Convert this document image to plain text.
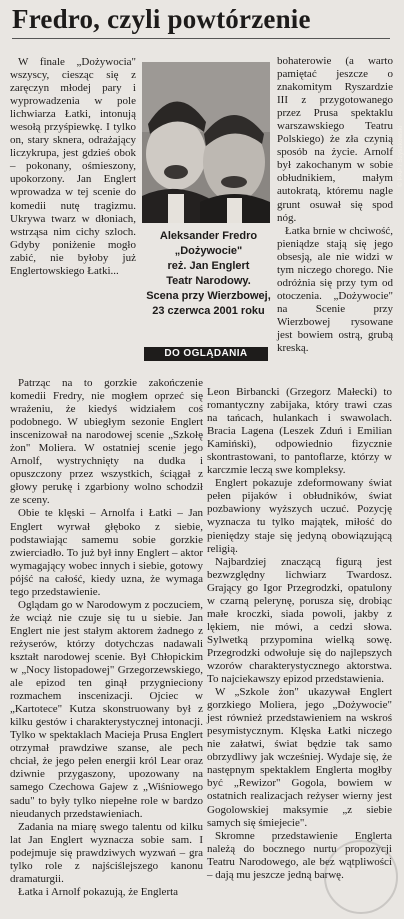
Fredro, czyli powtórzenie

W finale „Dożywocia" wszyscy, ciesząc się z zaręczyn młodej pary i wyprowadzenia w pole lichwiarza Łatki, intonują wesołą przyśpiewkę. I tylko on, stary sknera, odrażający liczykrupa, jest gdzieś obok – pokonany, ośmieszony, upokorzony. Jan Englert wprowadza w tej scenie do komedii nutę tragizmu. Ukrywa twarz w dłoniach, wstrząsa nim cichy szloch. Gdyby poniżenie mogło zabić, nie byłoby już Englertowskiego Łatki...

© PAP / Szyszkowski

bohaterowie (a warto pamiętać jeszcze o znakomitym Ryszardzie III z przygotowanego przez Prusa spektaklu warszawskiego Teatru Polskiego) że zła czynią sposób na życie. Arnolf był zakochanym w sobie obłudnikiem, małym autokratą, któremu nagle grunt osuwał się spod nóg.

Łatka brnie w chciwość, pieniądze stają się jego obsesją, ale nie widzi w tym niczego chorego. Nie odróżnia się przy tym od otoczenia. „Dożywocie" na Scenie przy Wierzbowej rysowane jest bowiem ostrą, grubą kreską.

Aleksander Fredro
„Dożywocie"
reż. Jan Englert
Teatr Narodowy.
Scena przy Wierzbowej,
23 czerwca 2001 roku
DO OGLĄDANIA

Patrząc na to gorzkie zakończenie komedii Fredry, nie mogłem oprzeć się wrażeniu, że kiedyś widziałem coś podobnego. W ubiegłym sezonie Englert inscenizował na narodowej scenie „Szkołę żon" Moliera. W ostatniej scenie jego Arnolf, wystrychnięty na dudka i opuszczony przez wszystkich, ściągał z głowy perukę i zgarbiony wolno schodził ze sceny.

Obie te klęski – Arnolfa i Łatki – Jan Englert wyrwał głęboko z siebie, podstawiając samemu sobie gorzkie zwierciadło. To już był inny Englert – aktor wymagający wobec innych i siebie, gotowy pójść na całość, kiedy uzna, że wymaga tego przedstawienie.

Oglądam go w Narodowym z poczuciem, że wciąż nie czuje się tu u siebie. Jan Englert nie jest stałym aktorem żadnego z reżyserów, którzy dotychczas nadawali kształt narodowej scenie. Był Chłopickim w „Nocy listopadowej" Grzegorzewskiego, ale epizod ten ginął przygnieciony rozmachem inscenizacji. Ojciec w „Kartotece" Kutza skonstruowany był z kilku gestów i charakterystycznej intonacji. Tylko w spektaklach Macieja Prusa Englert otrzymał prawdziwe szanse, ale pech chciał, że jego pełen energii król Lear oraz dziwnie przygaszony, upozowany na samego Czechowa Gajew z „Wiśniowego sadu" to były tylko niepełne role w bardzo nieudanych przedstawieniach.

Zadania na miarę swego talentu od kilku lat Jan Englert wyznacza sobie sam. I podejmuje się prawdziwych wyzwań – gra tylko role z najściślejszego kanonu dramaturgii.

Łatka i Arnolf pokazują, że Englerta

Leon Birbancki (Grzegorz Małecki) to romantyczny zabijaka, który trawi czas na tańcach, hulankach i swawolach. Bracia Lagena (Leszek Zduń i Emilian Kamiński), odpowiednio fizycznie skontrastowani, to pantoflarze, którzy w karczmie leczą swe kompleksy.

Englert pokazuje zdeformowany świat pełen pijaków i obłudników, świat pozbawiony wyższych uczuć. Pozycję wyznacza tu tylko majątek, miłość do pieniędzy staje się jedyną obowiązującą religią.

Najbardziej znaczącą figurą jest bezwzględny lichwiarz Twardosz. Grający go Igor Przegrodzki, opatulony w czarną pelerynę, porusza się, drobiąc małe kroczki, siada powoli, jakby z lękiem, nie mówi, a cedzi słowa. Sylwetką przypomina wielką sowę. Przegrodzki odwołuje się do najlepszych wzorów charakterystycznego aktorstwa. To najciekawszy epizod przedstawienia.

W „Szkole żon" ukazywał Englert gorzkiego Moliera, jego „Dożywocie" jest również przedstawieniem na wskroś pesymistycznym. Klęska Łatki niczego nie załatwi, świat będzie tak samo obrzydliwy jak wcześniej. Wydaje się, że następnym spektaklem Englerta mogłby być „Rewizor" Gogola, bowiem w ostatnich realizacjach reżyser wierny jest Gogolowskiej maksymie „z siebie samych się śmiejecie".

Skromne przedstawienie Englerta należą do bocznego nurtu propozycji Teatru Narodowego, ale bez wątpliwości – dają mu jeszcze jedną barwę.
